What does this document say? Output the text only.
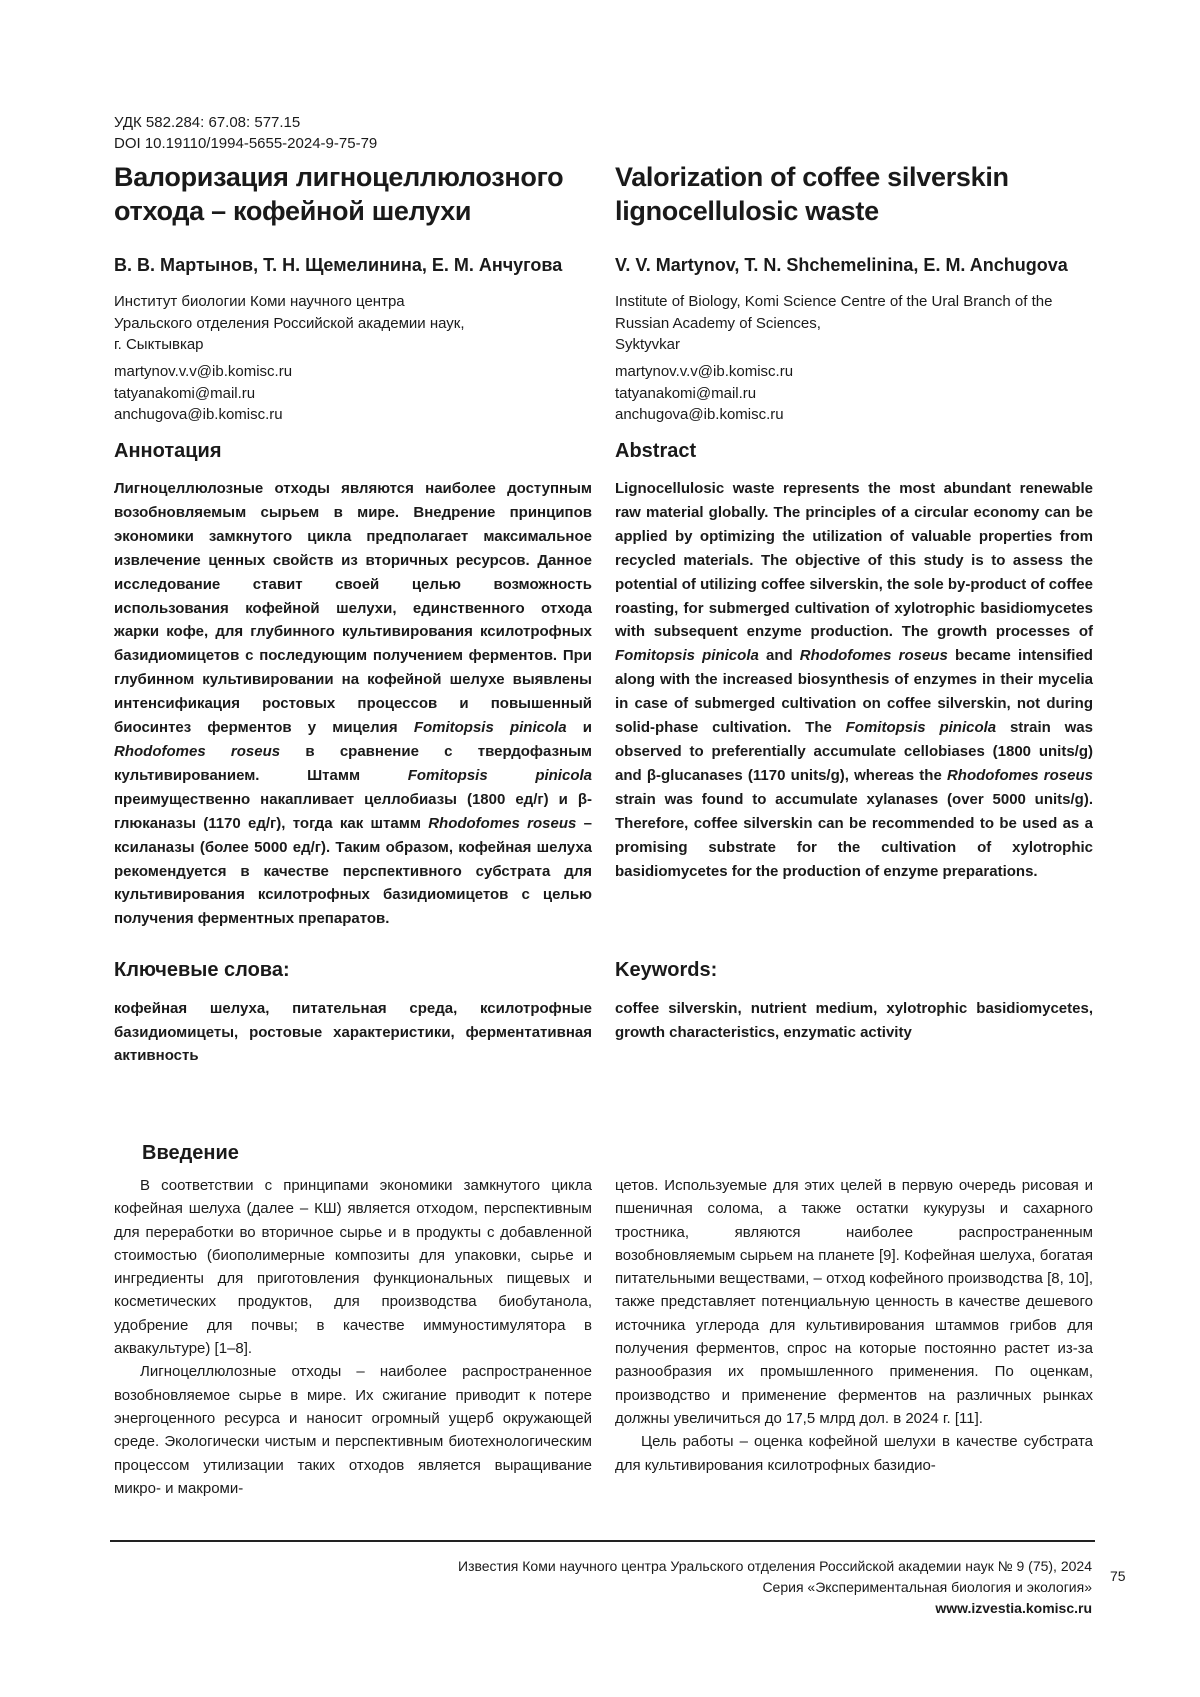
УДК 582.284: 67.08: 577.15
DOI 10.19110/1994-5655-2024-9-75-79
Валоризация лигноцеллюлозного
отхода – кофейной шелухи
Valorization of coffee silverskin
lignocellulosic waste
В. В. Мартынов, Т. Н. Щемелинина, Е. М. Анчугова	V. V. Martynov, T. N. Shchemelinina, E. M. Anchugova
Институт биологии Коми научного центра
Уральского отделения Российской академии наук,
г. Сыктывкар
Institute of Biology, Komi Science Centre of the Ural Branch of the
Russian Academy of Sciences,
Syktyvkar
martynov.v.v@ib.komisc.ru
tatyanakomi@mail.ru
anchugova@ib.komisc.ru
martynov.v.v@ib.komisc.ru
tatyanakomi@mail.ru
anchugova@ib.komisc.ru
Аннотация	Abstract

Лигноцеллюлозные отходы являются наиболее доступным возобновляемым сырьем в мире. Внедрение принципов экономики замкнутого цикла предполагает максимальное извлечение ценных свойств из вторичных ресурсов. Данное исследование ставит своей целью возможность использования кофейной шелухи, единственного отхода жарки кофе, для глубинного культивирования ксилотрофных базидиомицетов с последующим получением ферментов. При глубинном культивировании на кофейной шелухе выявлены интенсификация ростовых процессов и повышенный биосинтез ферментов у мицелия Fomitopsis pinicola и Rhodofomes roseus в сравнение с твердофазным культивированием. Штамм Fomitopsis pinicola преимущественно накапливает целлобиазы (1800 ед/г) и β-глюканазы (1170 ед/г), тогда как штамм Rhodofomes roseus – ксиланазы (более 5000 ед/г). Таким образом, кофейная шелуха рекомендуется в качестве перспективного субстрата для культивирования ксилотрофных базидиомицетов с целью получения ферментных препаратов.

Lignocellulosic waste represents the most abundant renewable raw material globally. The principles of a circular economy can be applied by optimizing the utilization of valuable properties from recycled materials. The objective of this study is to assess the potential of utilizing coffee silverskin, the sole by-product of coffee roasting, for submerged cultivation of xylotrophic basidiomycetes with subsequent enzyme production. The growth processes of Fomitopsis pinicola and Rhodofomes roseus became intensified along with the increased biosynthesis of enzymes in their mycelia in case of submerged cultivation on coffee silverskin, not during solid-phase cultivation. The Fomitopsis pinicola strain was observed to preferentially accumulate cellobiases (1800 units/g) and β-glucanases (1170 units/g), whereas the Rhodofomes roseus strain was found to accumulate xylanases (over 5000 units/g). Therefore, coffee silverskin can be recommended to be used as a promising substrate for the cultivation of xylotrophic basidiomycetes for the production of enzyme preparations.

Ключевые слова:	Keywords:

кофейная шелуха, питательная среда, ксилотрофные базидиомицеты, ростовые характеристики, ферментативная активность

coffee silverskin, nutrient medium, xylotrophic basidiomycetes, growth characteristics, enzymatic activity

Введение

В соответствии с принципами экономики замкнутого цикла кофейная шелуха (далее – КШ) является отходом, перспективным для переработки во вторичное сырье и в продукты с добавленной стоимостью (биополимерные композиты для упаковки, сырье и ингредиенты для приготовления функциональных пищевых и косметических продуктов, для производства биобутанола, удобрение для почвы; в качестве иммуностимулятора в аквакультуре) [1–8].

Лигноцеллюлозные отходы – наиболее распространенное возобновляемое сырье в мире. Их сжигание приводит к потере энергоценного ресурса и наносит огромный ущерб окружающей среде. Экологически чистым и перспективным биотехнологическим процессом утилизации таких отходов является выращивание микро- и макроми-

цетов. Используемые для этих целей в первую очередь рисовая и пшеничная солома, а также остатки кукурузы и сахарного тростника, являются наиболее распространенным возобновляемым сырьем на планете [9]. Кофейная шелуха, богатая питательными веществами, – отход кофейного производства [8, 10], также представляет потенциальную ценность в качестве дешевого источника углерода для культивирования штаммов грибов для получения ферментов, спрос на которые постоянно растет из-за разнообразия их промышленного применения. По оценкам, производство и применение ферментов на различных рынках должны увеличиться до 17,5 млрд дол. в 2024 г. [11].

Цель работы – оценка кофейной шелухи в качестве субстрата для культивирования ксилотрофных базидио-

Известия Коми научного центра Уральского отделения Российской академии наук № 9 (75), 2024
Серия «Экспериментальная биология и экология»
www.izvestia.komisc.ru
75
